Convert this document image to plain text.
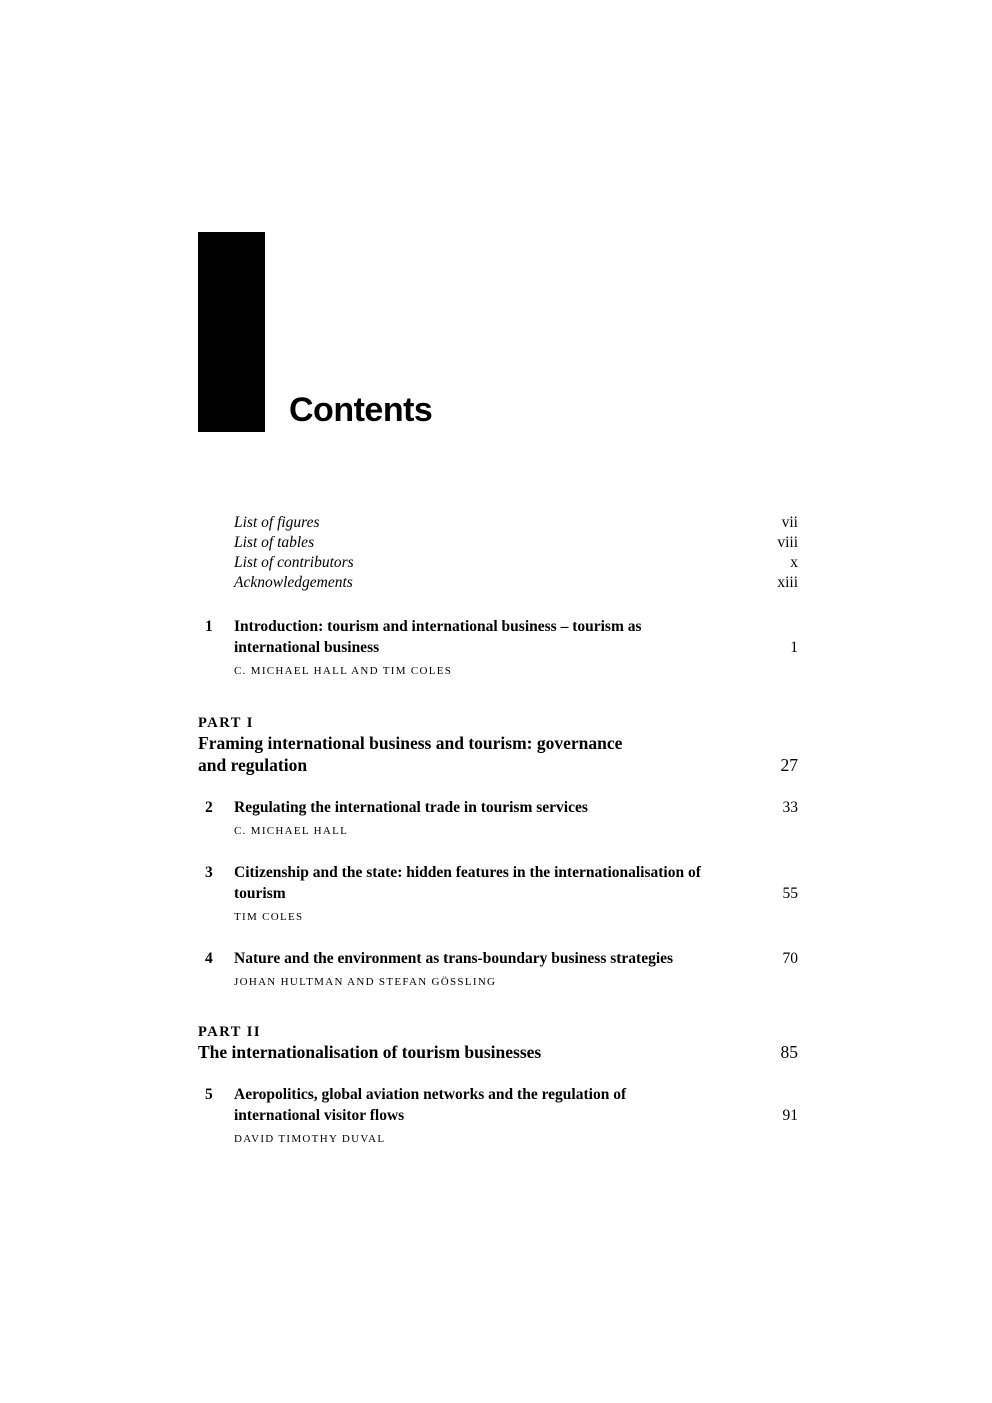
Contents
List of figures	vii
List of tables	viii
List of contributors	x
Acknowledgements	xiii
1	Introduction: tourism and international business – tourism as international business	1
C. MICHAEL HALL AND TIM COLES
PART I
Framing international business and tourism: governance and regulation	27
2	Regulating the international trade in tourism services	33
C. MICHAEL HALL
3	Citizenship and the state: hidden features in the internationalisation of tourism	55
TIM COLES
4	Nature and the environment as trans-boundary business strategies	70
JOHAN HULTMAN AND STEFAN GÖSSLING
PART II
The internationalisation of tourism businesses	85
5	Aeropolitics, global aviation networks and the regulation of international visitor flows	91
DAVID TIMOTHY DUVAL
